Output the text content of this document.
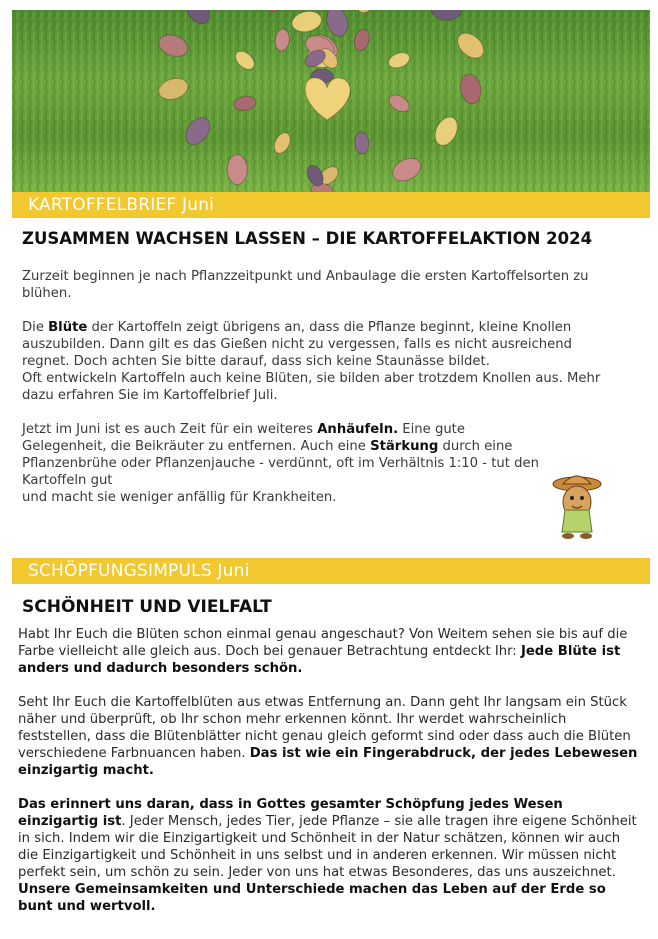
KARTOFFELBRIEF Juni
ZUSAMMEN WACHSEN LASSEN – DIE KARTOFFELAKTION 2024

Zurzeit beginnen je nach Pflanzzeitpunkt und Anbaulage die ersten Kartoffelsorten zu blühen.

Die Blüte der Kartoffeln zeigt übrigens an, dass die Pflanze beginnt, kleine Knollen auszubilden. Dann gilt es das Gießen nicht zu vergessen, falls es nicht ausreichend regnet. Doch achten Sie bitte darauf, dass sich keine Staunässe bildet.

Oft entwickeln Kartoffeln auch keine Blüten, sie bilden aber trotzdem Knollen aus. Mehr dazu erfahren Sie im Kartoffelbrief Juli.

Jetzt im Juni ist es auch Zeit für ein weiteres Anhäufeln. Eine gute Gelegenheit, die Beikräuter zu entfernen. Auch eine Stärkung durch eine Pflanzenbrühe oder Pflanzenjauche - verdünnt, oft im Verhältnis 1:10 - tut den Kartoffeln gut

und macht sie weniger anfällig für Krankheiten.

SCHÖPFUNGSIMPULS Juni
SCHÖNHEIT UND VIELFALT

Habt Ihr Euch die Blüten schon einmal genau angeschaut? Von Weitem sehen sie bis auf die Farbe vielleicht alle gleich aus. Doch bei genauer Betrachtung entdeckt Ihr: Jede Blüte ist anders und dadurch besonders schön.

Seht Ihr Euch die Kartoffelblüten aus etwas Entfernung an. Dann geht Ihr langsam ein Stück näher und überprüft, ob Ihr schon mehr erkennen könnt. Ihr werdet wahrscheinlich feststellen, dass die Blütenblätter nicht genau gleich geformt sind oder dass auch die Blüten verschiedene Farbnuancen haben. Das ist wie ein Fingerabdruck, der jedes Lebewesen einzigartig macht.

Das erinnert uns daran, dass in Gottes gesamter Schöpfung jedes Wesen einzigartig ist. Jeder Mensch, jedes Tier, jede Pflanze – sie alle tragen ihre eigene Schönheit in sich. Indem wir die Einzigartigkeit und Schönheit in der Natur schätzen, können wir auch die Einzigartigkeit und Schönheit in uns selbst und in anderen erkennen. Wir müssen nicht perfekt sein, um schön zu sein. Jeder von uns hat etwas Besonderes, das uns auszeichnet. Unsere Gemeinsamkeiten und Unterschiede machen das Leben auf der Erde so bunt und wertvoll.
